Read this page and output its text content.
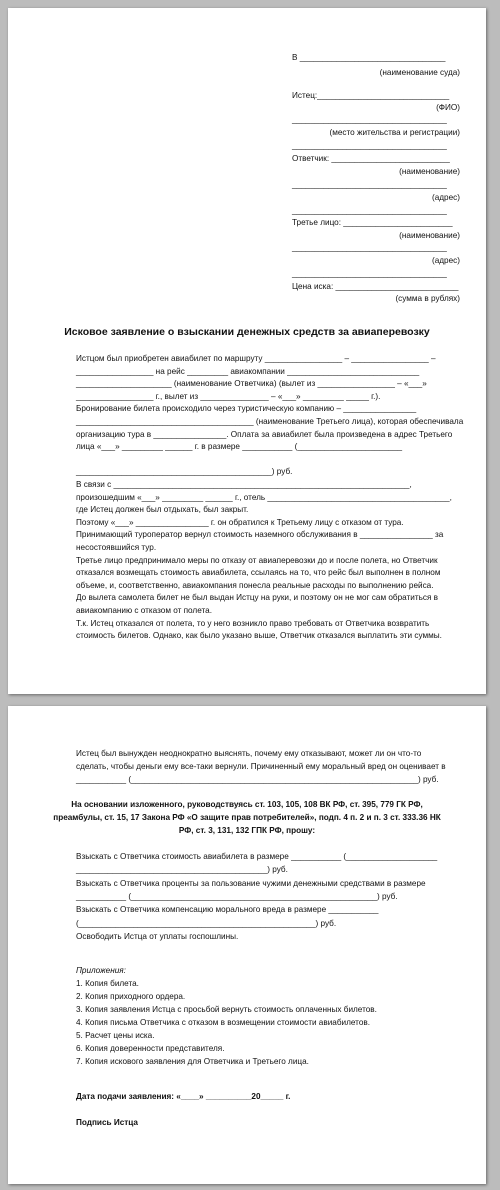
В ________________________________
(наименование суда)
Истец:_____________________________
(ФИО)
__________________________________
(место жительства и регистрации)
__________________________________
Ответчик: __________________________
(наименование)
__________________________________
(адрес)
__________________________________
Третье лицо: ________________________
(наименование)
__________________________________
(адрес)
__________________________________
Цена иска: ___________________________
(сумма в рублях)
Исковое заявление о взыскании денежных средств за авиаперевозку
Истцом был приобретен авиабилет по маршруту _________________ – _________________ –
_________________ на рейс _________ авиакомпании _____________________________
_____________________ (наименование Ответчика) (вылет из _________________ – «___»
_________________ г., вылет из _______________ – «___» _________ _____ г.).
Бронирование билета происходило через туристическую компанию – ________________
_______________________________________ (наименование Третьего лица), которая обеспечивала
организацию тура в ________________. Оплата за авиабилет была произведена в адрес Третьего
лица «___» _________ ______ г. в размере ___________ (_______________________
___________________________________________) руб.
В связи с _________________________________________________________________,
произошедшим «___» _________ ______ г., отель ________________________________________,
где Истец должен был отдыхать, был закрыт.
Поэтому «___» ________________ г. он обратился к Третьему лицу с отказом от тура.
Принимающий туроператор вернул стоимость наземного обслуживания в ________________ за
несостоявшийся тур.
Третье лицо предпринимало меры по отказу от авиаперевозки до и после полета, но Ответчик
отказался возмещать стоимость авиабилета, ссылаясь на то, что рейс был выполнен в полном
объеме, и, соответственно, авиакомпания понесла реальные расходы по выполнению рейса.
До вылета самолета билет не был выдан Истцу на руки, и поэтому он не мог сам обратиться в
авиакомпанию с отказом от полета.
Т.к. Истец отказался от полета, то у него возникло право требовать от Ответчика возвратить
стоимость билетов. Однако, как было указано выше, Ответчик отказался выплатить эти суммы.
Истец был вынужден неоднократно выяснять, почему ему отказывают, может ли он что-то
сделать, чтобы деньги ему все-таки вернули. Причиненный ему моральный вред он оценивает в
___________ (_______________________________________________________________) руб.
На основании изложенного, руководствуясь ст. 103, 105, 108 ВК РФ, ст. 395, 779 ГК РФ,
преамбулы, ст. 15, 17 Закона РФ «О защите прав потребителей», подп. 4 п. 2 и п. 3 ст. 333.36 НК
РФ, ст. 3, 131, 132 ГПК РФ, прошу:
Взыскать с Ответчика стоимость авиабилета в размере ___________ (____________________
__________________________________________) руб.
Взыскать с Ответчика проценты за пользование чужими денежными средствами в размере
___________ (______________________________________________________) руб.
Взыскать с Ответчика компенсацию морального вреда в размере ___________
(____________________________________________________) руб.
Освободить Истца от уплаты госпошлины.
Приложения:
1. Копия билета.
2. Копия приходного ордера.
3. Копия заявления Истца с просьбой вернуть стоимость оплаченных билетов.
4. Копия письма Ответчика с отказом в возмещении стоимости авиабилетов.
5. Расчет цены иска.
6. Копия доверенности представителя.
7. Копия искового заявления для Ответчика и Третьего лица.
Дата подачи заявления: «____» __________20_____ г.
Подпись Истца
